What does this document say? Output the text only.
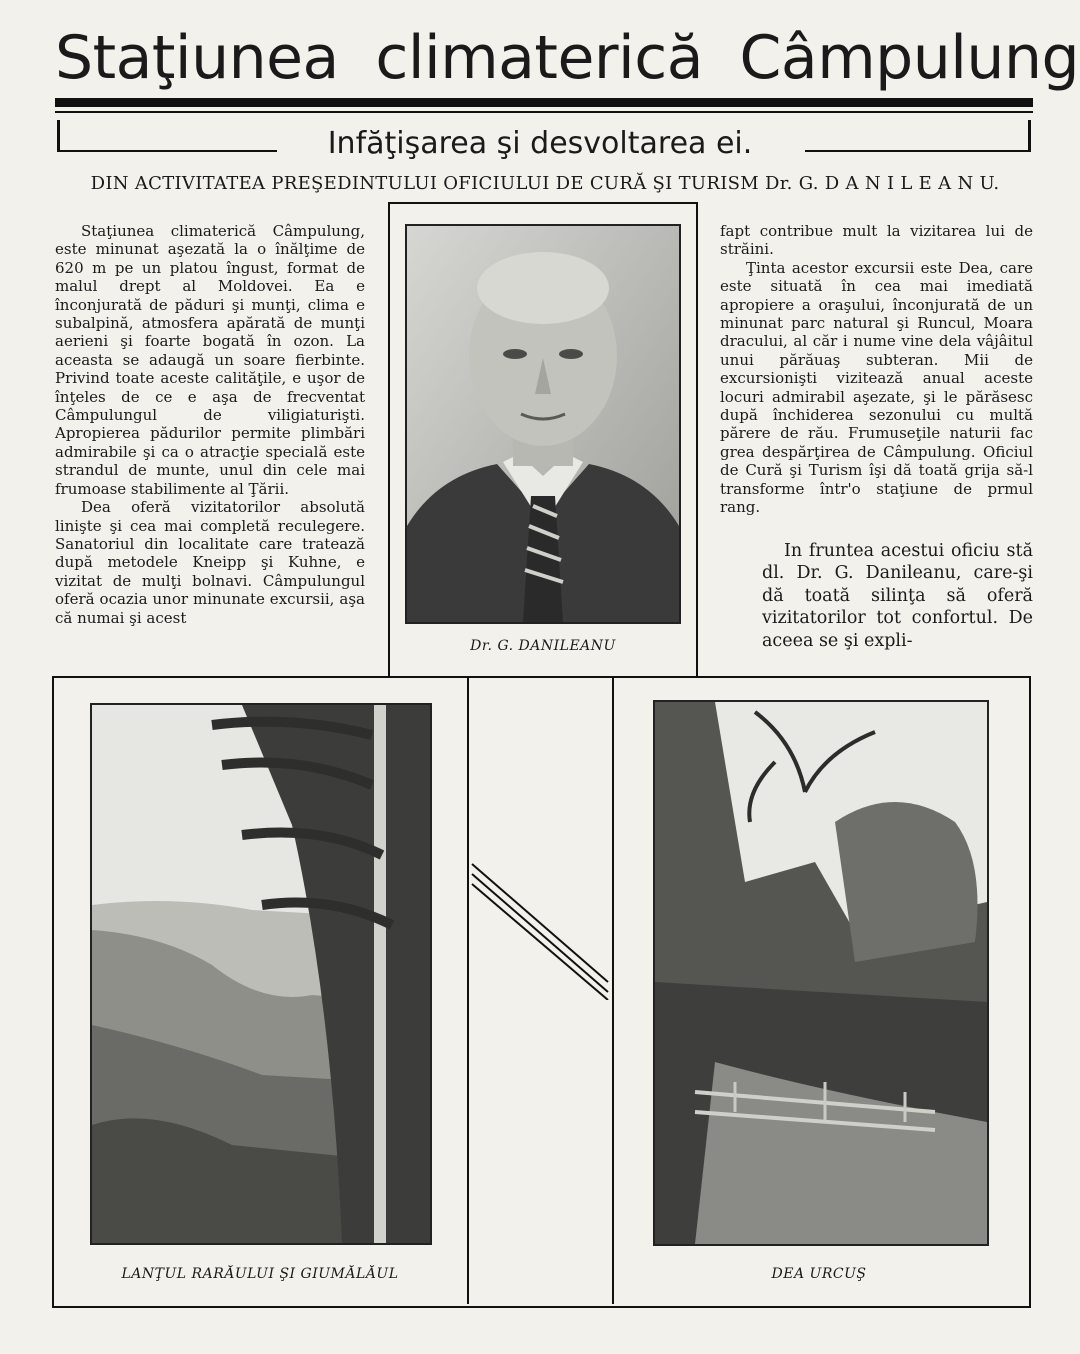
Staţiunea climaterică Câmpulung
Infăţişarea şi desvoltarea ei.
DIN ACTIVITATEA PREŞEDINTULUI OFICIULUI DE CURĂ ŞI TURISM Dr. G. D A N I L E A N U.

Staţiunea climaterică Câmpulung, este minunat aşezată la o înălţime de 620 m pe un platou îngust, format de malul drept al Moldovei. Ea e înconjurată de păduri şi munţi, clima e subalpină, atmosfera apărată de munţi aerieni şi foarte bogată în ozon. La aceasta se adaugă un soare fierbinte. Privind toate aceste calităţile, e uşor de înţeles de ce e aşa de frecventat Câmpulungul de viligiaturişti. Apropierea pădurilor permite plimbări admirabile şi ca o atracţie specială este strandul de munte, unul din cele mai frumoase stabilimente al Ţării.

Dea oferă vizitatorilor absolută linişte şi cea mai completă reculegere. Sanatoriul din localitate care tratează după metodele Kneipp şi Kuhne, e vizitat de mulţi bolnavi. Câmpulungul oferă ocazia unor minunate excursii, aşa că numai şi acest

Dr. G. DANILEANU

fapt contribue mult la vizitarea lui de străini.

Ţinta acestor excursii este Dea, care este situată în cea mai imediată apropiere a oraşului, înconjurată de un minunat parc natural şi Runcul, Moara dracului, al căr i nume vine dela vâjâitul unui părăuaş subteran. Mii de excursionişti vizitează anual aceste locuri admirabil aşezate, şi le părăsesc după închiderea sezonului cu multă părere de rău. Frumuseţile naturii fac grea despărţirea de Câmpulung. Oficiul de Cură şi Turism îşi dă toată grija să-l transforme într'o staţiune de prmul rang.

In fruntea acestui oficiu stă dl. Dr. G. Danileanu, care-şi dă toată silinţa să oferă vizitatorilor tot confortul. De aceea se şi expli-

LANŢUL RARĂULUI ŞI GIUMĂLĂUL	DEA URCUŞ
